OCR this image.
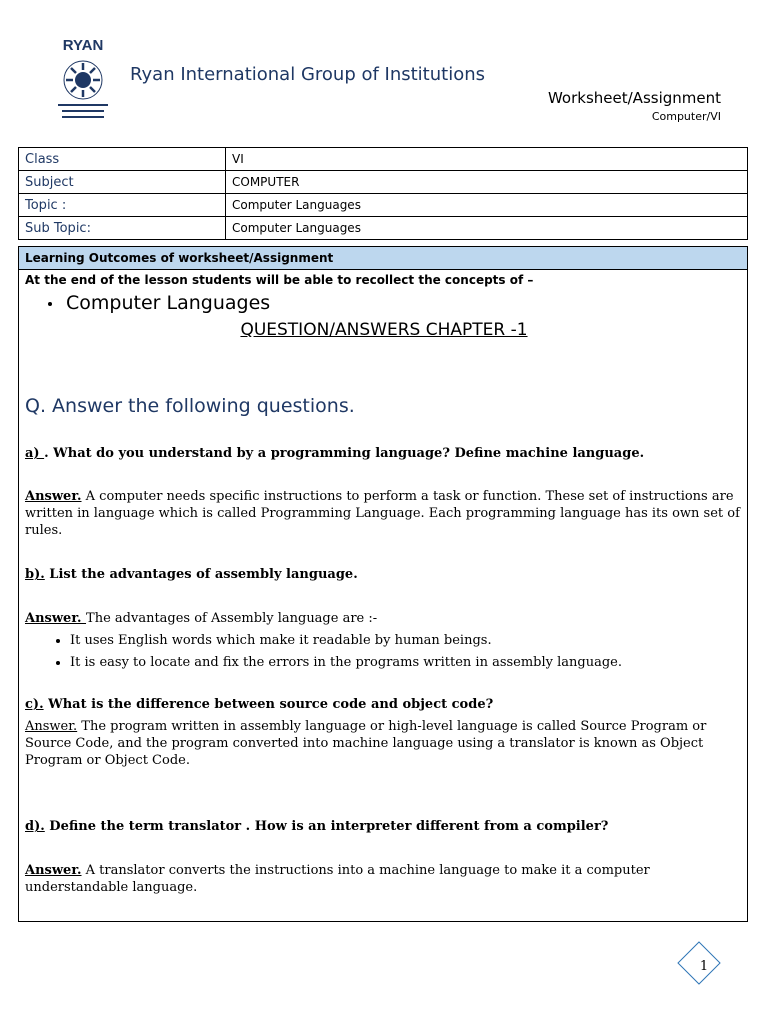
RYAN
Ryan International Group of Institutions
Worksheet/Assignment
Computer/VI
Class	VI
Subject	COMPUTER
Topic :	Computer Languages
Sub Topic:	Computer Languages
Learning Outcomes of worksheet/Assignment
At the end of the lesson students will be able to recollect the concepts of –
Computer Languages
QUESTION/ANSWERS CHAPTER -1
Q. Answer the following questions.
a) . What do you understand by a programming language? Define machine language.
Answer. A computer needs specific instructions to perform a task or function. These set of instructions are written in language which is called Programming Language. Each programming language has its own set of rules.
b). List the advantages of assembly language.
Answer. The advantages of Assembly language are :-
• It uses English words which make it readable by human beings.
• It is easy to locate and fix the errors in the programs written in assembly language.
c). What is the difference between source code and object code?
Answer. The program written in assembly language or high-level language is called Source Program or Source Code, and the program converted into machine language using a translator is known as Object Program or Object Code.
d). Define the term translator . How is an interpreter different from a compiler?
Answer. A translator converts the instructions into a machine language to make it a computer understandable language.
1
